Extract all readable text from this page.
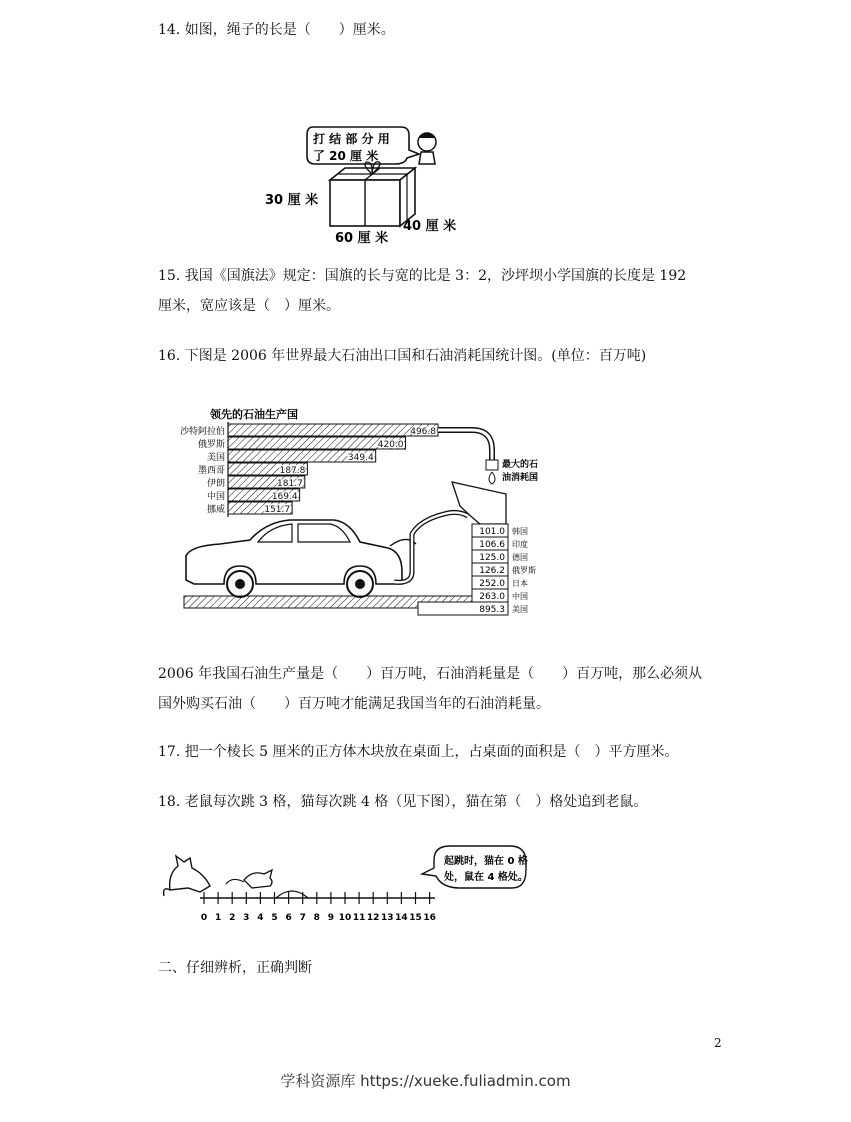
14. 如图，绳子的长是（　　）厘米。
打 结 部 分 用
了 20 厘 米
30 厘 米
60 厘 米
40 厘 米
15. 我国《国旗法》规定：国旗的长与宽的比是 3：2，沙坪坝小学国旗的长度是 192
厘米，宽应该是（　）厘米。
16. 下图是 2006 年世界最大石油出口国和石油消耗国统计图。(单位：百万吨)
领先的石油生产国
沙特阿拉伯	496.8
俄罗斯	420.0
美国	349.4
墨西哥	187.8
伊朗	181.7
中国	169.4
挪威	151.7
最大的石
油消耗国
101.0 韩国
106.6 印度
125.0 德国
126.2 俄罗斯
252.0 日本
263.0 中国
895.3 美国
2006 年我国石油生产量是（　　）百万吨，石油消耗量是（　　）百万吨，那么必须从
国外购买石油（　　）百万吨才能满足我国当年的石油消耗量。
17. 把一个棱长 5 厘米的正方体木块放在桌面上，占桌面的面积是（　）平方厘米。
18. 老鼠每次跳 3 格，猫每次跳 4 格（见下图），猫在第（　）格处追到老鼠。
0 1 2 3 4 5 6 7 8 9 10 11 12 13 14 15 16
起跳时，猫在 0 格
处，鼠在 4 格处。
二、仔细辨析，正确判断
2
学科资源库 https://xueke.fuliadmin.com
